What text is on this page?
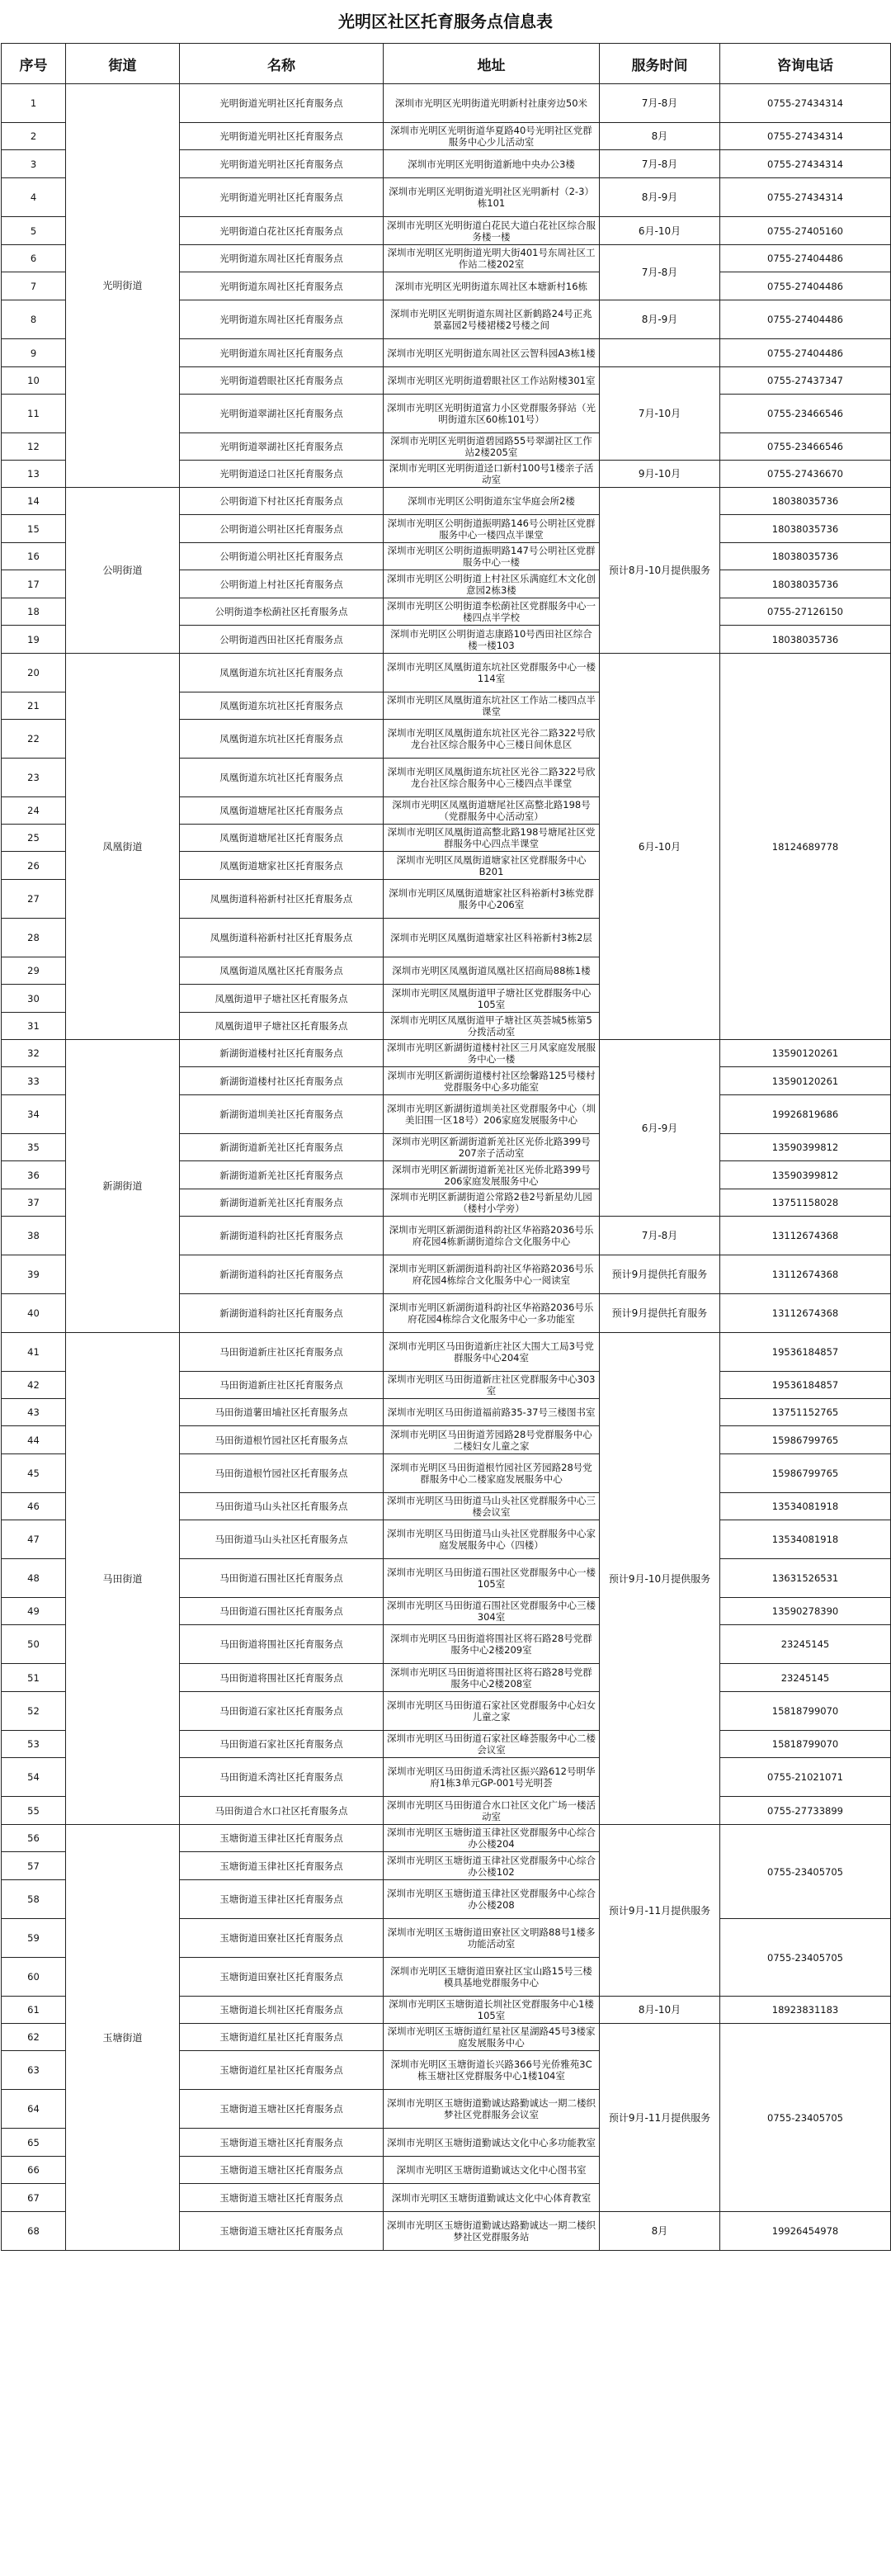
光明区社区托育服务点信息表
序号	街道	名称	地址	服务时间	咨询电话
1	光明街道	光明街道光明社区托育服务点	深圳市光明区光明街道光明新村社康旁边50米	7月-8月	0755-27434314
2		光明街道光明社区托育服务点	深圳市光明区光明街道华夏路40号光明社区党群服务中心少儿活动室	8月	0755-27434314
3		光明街道光明社区托育服务点	深圳市光明区光明街道新地中央办公3楼	7月-8月	0755-27434314
4		光明街道光明社区托育服务点	深圳市光明区光明街道光明社区光明新村（2-3）栋101	8月-9月	0755-27434314
5		光明街道白花社区托育服务点	深圳市光明区光明街道白花民大道白花社区综合服务楼一楼	6月-10月	0755-27405160
6		光明街道东周社区托育服务点	深圳市光明区光明街道光明大街401号东周社区工作站二楼202室	7月-8月	0755-27404486
7		光明街道东周社区托育服务点	深圳市光明区光明街道东周社区本塘新村16栋		0755-27404486
8		光明街道东周社区托育服务点	深圳市光明区光明街道东周社区新鹤路24号正兆景嘉园2号楼裙楼2号楼之间	8月-9月	0755-27404486
9		光明街道东周社区托育服务点	深圳市光明区光明街道东周社区云智科园A3栋1楼		0755-27404486
10		光明街道碧眼社区托育服务点	深圳市光明区光明街道碧眼社区工作站附楼301室	7月-10月	0755-27437347
11		光明街道翠湖社区托育服务点	深圳市光明区光明街道富力小区党群服务驿站（光明街道东区60栋101号）		0755-23466546
12		光明街道翠湖社区托育服务点	深圳市光明区光明街道碧园路55号翠湖社区工作站2楼205室		0755-23466546
13		光明街道迳口社区托育服务点	深圳市光明区光明街道迳口新村100号1楼亲子活动室	9月-10月	0755-27436670
14	公明街道	公明街道下村社区托育服务点	深圳市光明区公明街道东宝华庭会所2楼	预计8月-10月提供服务	18038035736
15		公明街道公明社区托育服务点	深圳市光明区公明街道振明路146号公明社区党群服务中心一楼四点半课堂		18038035736
16		公明街道公明社区托育服务点	深圳市光明区公明街道振明路147号公明社区党群服务中心一楼		18038035736
17		公明街道上村社区托育服务点	深圳市光明区公明街道上村社区乐满庭红木文化创意园2栋3楼		18038035736
18		公明街道李松蓢社区托育服务点	深圳市光明区公明街道李松蓢社区党群服务中心一楼四点半学校		0755-27126150
19		公明街道西田社区托育服务点	深圳市光明区公明街道志康路10号西田社区综合楼一楼103		18038035736
20	凤凰街道	凤凰街道东坑社区托育服务点	深圳市光明区凤凰街道东坑社区党群服务中心一楼114室	6月-10月	18124689778
21		凤凰街道东坑社区托育服务点	深圳市光明区凤凰街道东坑社区工作站二楼四点半课堂		
22		凤凰街道东坑社区托育服务点	深圳市光明区凤凰街道东坑社区光谷二路322号欣龙台社区综合服务中心三楼日间休息区		
23		凤凰街道东坑社区托育服务点	深圳市光明区凤凰街道东坑社区光谷二路322号欣龙台社区综合服务中心三楼四点半课堂		
24		凤凰街道塘尾社区托育服务点	深圳市光明区凤凰街道塘尾社区高整北路198号（党群服务中心活动室）		
25		凤凰街道塘尾社区托育服务点	深圳市光明区凤凰街道高整北路198号塘尾社区党群服务中心四点半课堂		
26		凤凰街道塘家社区托育服务点	深圳市光明区凤凰街道塘家社区党群服务中心B201		
27		凤凰街道科裕新村社区托育服务点	深圳市光明区凤凰街道塘家社区科裕新村3栋党群服务中心206室		
28		凤凰街道科裕新村社区托育服务点	深圳市光明区凤凰街道塘家社区科裕新村3栋2层		
29		凤凰街道凤凰社区托育服务点	深圳市光明区凤凰街道凤凰社区招商局88栋1楼		
30		凤凰街道甲子塘社区托育服务点	深圳市光明区凤凰街道甲子塘社区党群服务中心105室		
31		凤凰街道甲子塘社区托育服务点	深圳市光明区凤凰街道甲子塘社区英荟城5栋第5分拨活动室		
32	新湖街道	新湖街道楼村社区托育服务点	深圳市光明区新湖街道楼村社区三月风家庭发展服务中心一楼	6月-9月	13590120261
33		新湖街道楼村社区托育服务点	深圳市光明区新湖街道楼村社区绘馨路125号楼村党群服务中心多功能室		13590120261
34		新湖街道圳美社区托育服务点	深圳市光明区新湖街道圳美社区党群服务中心（圳美旧围一区18号）206家庭发展服务中心		19926819686
35		新湖街道新羌社区托育服务点	深圳市光明区新湖街道新羌社区光侨北路399号207亲子活动室		13590399812
36		新湖街道新羌社区托育服务点	深圳市光明区新湖街道新羌社区光侨北路399号206家庭发展服务中心		13590399812
37		新湖街道新羌社区托育服务点	深圳市光明区新湖街道公常路2巷2号新星幼儿园（楼村小学旁）		13751158028
38		新湖街道科韵社区托育服务点	深圳市光明区新湖街道科韵社区华裕路2036号乐府花园4栋新湖街道综合文化服务中心	7月-8月	13112674368
39		新湖街道科韵社区托育服务点	深圳市光明区新湖街道科韵社区华裕路2036号乐府花园4栋综合文化服务中心一阅读室	预计9月提供托育服务	13112674368
40		新湖街道科韵社区托育服务点	深圳市光明区新湖街道科韵社区华裕路2036号乐府花园4栋综合文化服务中心一多功能室	预计9月提供托育服务	13112674368
41	马田街道	马田街道新庄社区托育服务点	深圳市光明区马田街道新庄社区大围大工局3号党群服务中心204室	预计9月-10月提供服务	19536184857
42		马田街道新庄社区托育服务点	深圳市光明区马田街道新庄社区党群服务中心303室		19536184857
43		马田街道薯田埔社区托育服务点	深圳市光明区马田街道福前路35-37号三楼图书室		13751152765
44		马田街道根竹园社区托育服务点	深圳市光明区马田街道芳园路28号党群服务中心二楼妇女儿童之家		15986799765
45		马田街道根竹园社区托育服务点	深圳市光明区马田街道根竹园社区芳园路28号党群服务中心二楼家庭发展服务中心		15986799765
46		马田街道马山头社区托育服务点	深圳市光明区马田街道马山头社区党群服务中心三楼会议室		13534081918
47		马田街道马山头社区托育服务点	深圳市光明区马田街道马山头社区党群服务中心家庭发展服务中心（四楼）		13534081918
48		马田街道石围社区托育服务点	深圳市光明区马田街道石围社区党群服务中心一楼105室		13631526531
49		马田街道石围社区托育服务点	深圳市光明区马田街道石围社区党群服务中心三楼304室		13590278390
50		马田街道将围社区托育服务点	深圳市光明区马田街道将围社区将石路28号党群服务中心2楼209室		23245145
51		马田街道将围社区托育服务点	深圳市光明区马田街道将围社区将石路28号党群服务中心2楼208室		23245145
52		马田街道石家社区托育服务点	深圳市光明区马田街道石家社区党群服务中心妇女儿童之家		15818799070
53		马田街道石家社区托育服务点	深圳市光明区马田街道石家社区峰荟服务中心二楼会议室		15818799070
54		马田街道禾湾社区托育服务点	深圳市光明区马田街道禾湾社区振兴路612号明华府1栋3单元GP-001号光明荟		0755-21021071
55		马田街道合水口社区托育服务点	深圳市光明区马田街道合水口社区文化广场一楼活动室		0755-27733899
56	玉塘街道	玉塘街道玉律社区托育服务点	深圳市光明区玉塘街道玉律社区党群服务中心综合办公楼204	预计9月-11月提供服务	0755-23405705
57		玉塘街道玉律社区托育服务点	深圳市光明区玉塘街道玉律社区党群服务中心综合办公楼102		
58		玉塘街道玉律社区托育服务点	深圳市光明区玉塘街道玉律社区党群服务中心综合办公楼208		
59		玉塘街道田寮社区托育服务点	深圳市光明区玉塘街道田寮社区文明路88号1楼多功能活动室		0755-23405705
60		玉塘街道田寮社区托育服务点	深圳市光明区玉塘街道田寮社区宝山路15号三楼模具基地党群服务中心		
61		玉塘街道长圳社区托育服务点	深圳市光明区玉塘街道长圳社区党群服务中心1楼105室	8月-10月	18923831183
62		玉塘街道红星社区托育服务点	深圳市光明区玉塘街道红星社区星湖路45号3楼家庭发展服务中心	预计9月-11月提供服务	0755-23405705
63		玉塘街道红星社区托育服务点	深圳市光明区玉塘街道长兴路366号光侨雅苑3C栋玉塘社区党群服务中心1楼104室		
64		玉塘街道玉塘社区托育服务点	深圳市光明区玉塘街道勤诚达路勤诚达一期二楼织梦社区党群服务会议室		
65		玉塘街道玉塘社区托育服务点	深圳市光明区玉塘街道勤诚达文化中心多功能教室		
66		玉塘街道玉塘社区托育服务点	深圳市光明区玉塘街道勤诚达文化中心图书室		
67		玉塘街道玉塘社区托育服务点	深圳市光明区玉塘街道勤诚达文化中心体育教室		
68		玉塘街道玉塘社区托育服务点	深圳市光明区玉塘街道勤诚达路勤诚达一期二楼织梦社区党群服务站	8月	19926454978
